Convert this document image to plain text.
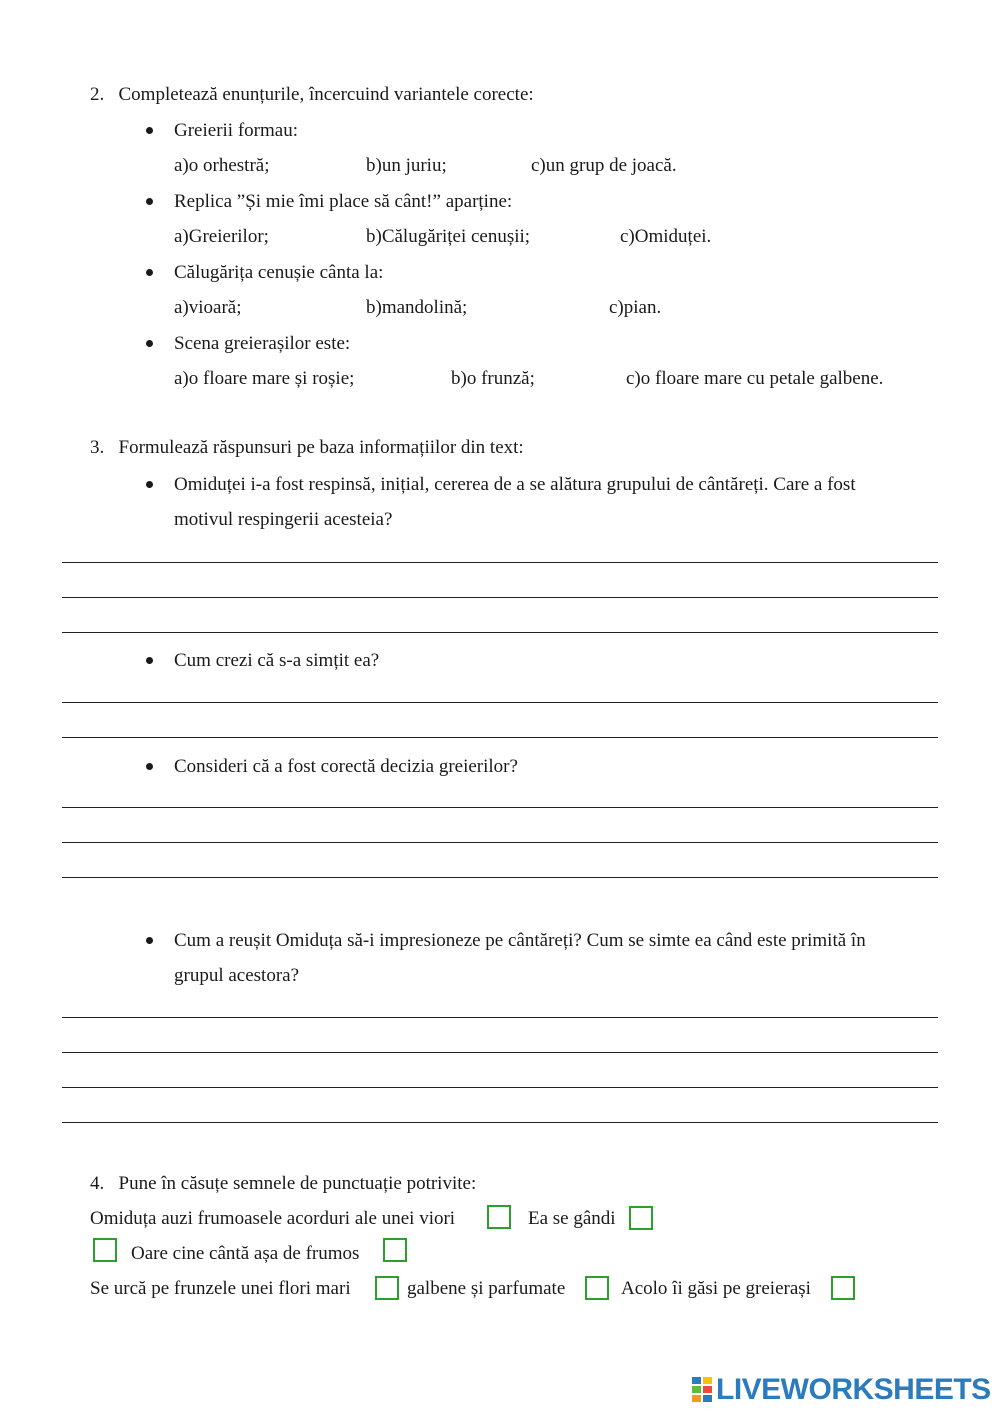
2.   Completează enunțurile, încercuind variantele corecte:
Greierii formau:
a)o orhestră;	b)un juriu;	c)un grup de joacă.
Replica ”Și mie îmi place să cânt!” aparține:
a)Greierilor;	b)Călugăriței cenușii;	c)Omiduței.
Călugărița cenușie cânta la:
a)vioară;	b)mandolină;	c)pian.
Scena greierașilor este:
a)o floare mare și roșie;	b)o frunză;	c)o floare mare cu petale galbene.
3.   Formulează răspunsuri pe baza informațiilor din text:
Omiduței i-a fost respinsă, inițial, cererea de a se alătura grupului de cântăreți. Care a fost
motivul respingerii acesteia?
Cum crezi că s-a simțit ea?
Consideri că a fost corectă decizia greierilor?
Cum a reușit Omiduța să-i impresioneze pe cântăreți? Cum se simte ea când este primită în
grupul acestora?
4.   Pune în căsuțe semnele de punctuație potrivite:
Omiduța auzi frumoasele acorduri ale unei viori	Ea se gândi
Oare cine cântă așa de frumos
Se urcă pe frunzele unei flori mari	galbene și parfumate	Acolo îi găsi pe greierași
LIVEWORKSHEETS
